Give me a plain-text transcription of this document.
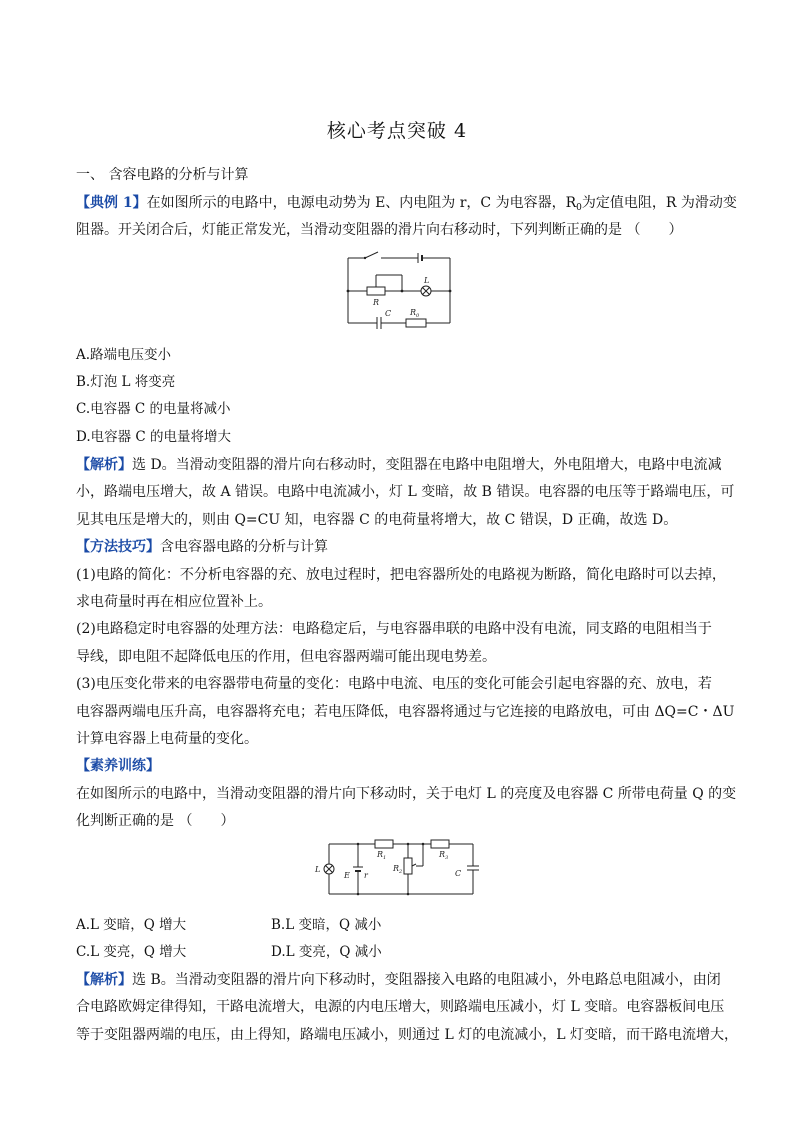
核心考点突破 4
一、 含容电路的分析与计算
【典例 1】在如图所示的电路中，电源电动势为 E、内电阻为 r，C 为电容器，$R_0$为定值电阻，R 为滑动变
阻器。开关闭合后，灯能正常发光，当滑动变阻器的滑片向右移动时，下列判断正确的是 （　　）
L
R
C $R_0$
A.路端电压变小
B.灯泡 L 将变亮
C.电容器 C 的电量将减小
D.电容器 C 的电量将增大
【解析】选 D。当滑动变阻器的滑片向右移动时，变阻器在电路中电阻增大，外电阻增大，电路中电流减
小，路端电压增大，故 A 错误。电路中电流减小，灯 L 变暗，故 B 错误。电容器的电压等于路端电压，可
见其电压是增大的，则由 Q=CU 知，电容器 C 的电荷量将增大，故 C 错误，D 正确，故选 D。
【方法技巧】含电容器电路的分析与计算
(1)电路的简化：不分析电容器的充、放电过程时，把电容器所处的电路视为断路，简化电路时可以去掉，
求电荷量时再在相应位置补上。
(2)电路稳定时电容器的处理方法：电路稳定后，与电容器串联的电路中没有电流，同支路的电阻相当于
导线，即电阻不起降低电压的作用，但电容器两端可能出现电势差。
(3)电压变化带来的电容器带电荷量的变化：电路中电流、电压的变化可能会引起电容器的充、放电，若
电容器两端电压升高，电容器将充电；若电压降低，电容器将通过与它连接的电路放电，可由 ΔQ=C・ΔU
计算电容器上电荷量的变化。
【素养训练】
在如图所示的电路中，当滑动变阻器的滑片向下移动时，关于电灯 L 的亮度及电容器 C 所带电荷量 Q 的变
化判断正确的是 （　　）
L
E r
$R_1$
$R_2$
$R_3$
C
A.L 变暗，Q 增大	B.L 变暗，Q 减小
C.L 变亮，Q 增大	D.L 变亮，Q 减小
【解析】选 B。当滑动变阻器的滑片向下移动时，变阻器接入电路的电阻减小，外电路总电阻减小，由闭
合电路欧姆定律得知，干路电流增大，电源的内电压增大，则路端电压减小，灯 L 变暗。电容器板间电压
等于变阻器两端的电压，由上得知，路端电压减小，则通过 L 灯的电流减小，L 灯变暗，而干路电流增大，
